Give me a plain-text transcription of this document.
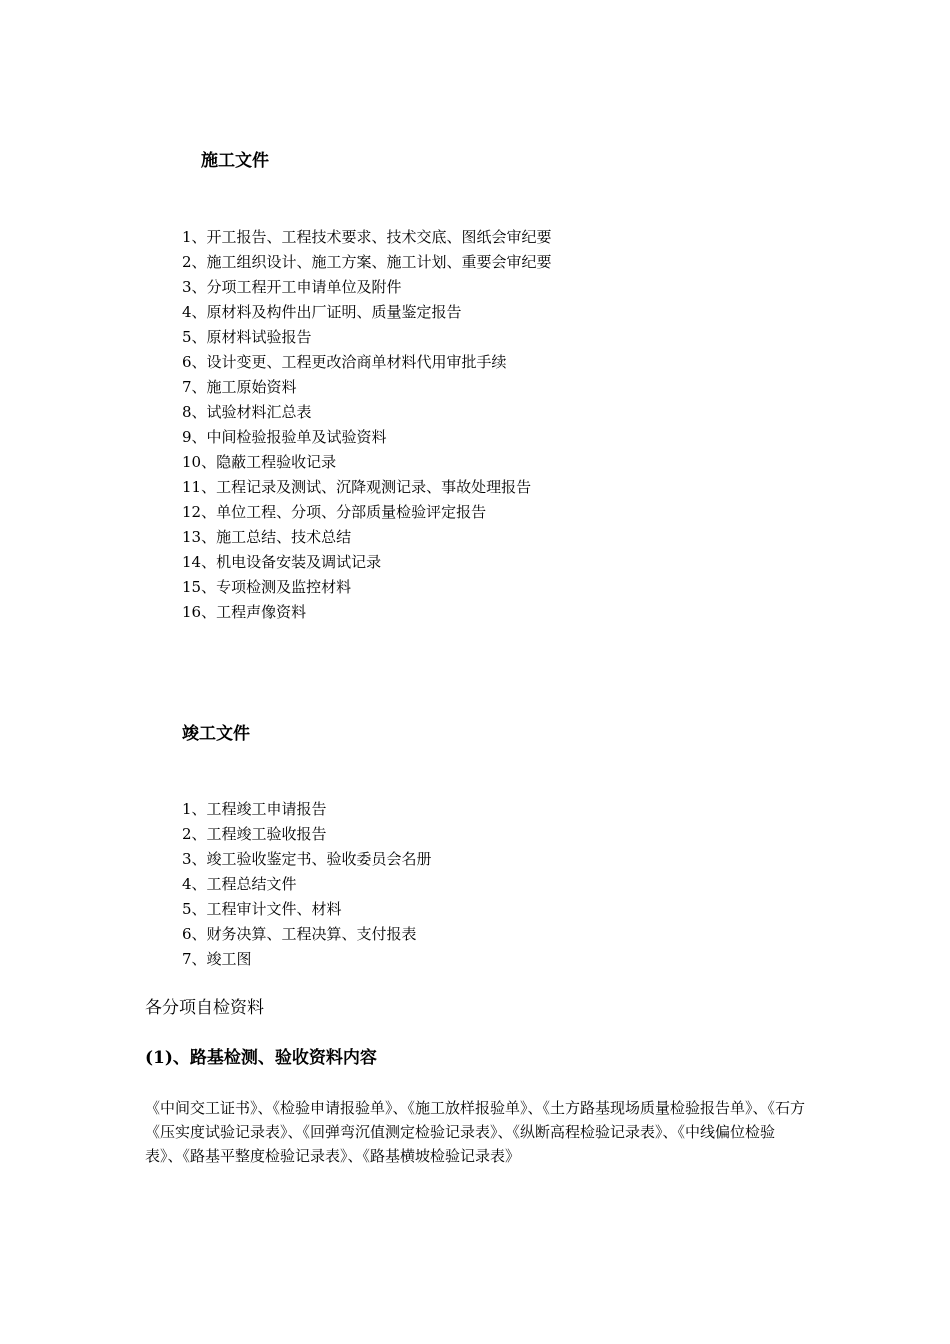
施工文件
1、开工报告、工程技术要求、技术交底、图纸会审纪要
2、施工组织设计、施工方案、施工计划、重要会审纪要
3、分项工程开工申请单位及附件
4、原材料及构件出厂证明、质量鉴定报告
5、原材料试验报告
6、设计变更、工程更改洽商单材料代用审批手续
7、施工原始资料
8、试验材料汇总表
9、中间检验报验单及试验资料
10、隐蔽工程验收记录
11、工程记录及测试、沉降观测记录、事故处理报告
12、单位工程、分项、分部质量检验评定报告
13、施工总结、技术总结
14、机电设备安装及调试记录
15、专项检测及监控材料
16、工程声像资料
竣工文件
1、工程竣工申请报告
2、工程竣工验收报告
3、竣工验收鉴定书、验收委员会名册
4、工程总结文件
5、工程审计文件、材料
6、财务决算、工程决算、支付报表
7、竣工图

各分项自检资料

(1)、路基检测、验收资料内容

《中间交工证书》、《检验申请报验单》、《施工放样报验单》、《土方路基现场质量检验报告单》、《石方
《压实度试验记录表》、《回弹弯沉值测定检验记录表》、《纵断高程检验记录表》、《中线偏位检验
表》、《路基平整度检验记录表》、《路基横坡检验记录表》
